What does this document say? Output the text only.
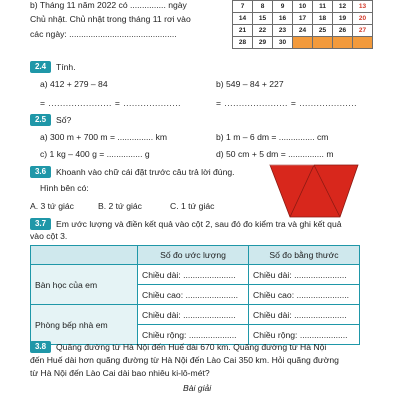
b) Tháng 11 năm 2022 có ............... ngày
Chủ nhật. Chủ nhật trong tháng 11 rơi vào
các ngày: .............................................
7	8	9	10	11	12	13
14	15	16	17	18	19	20
21	22	23	24	25	26	27
28	29	30				
2.4	Tính.
a) 412 + 279 – 84	b) 549 – 84 + 227
= ...................... = ....................	= ...................... = ....................
2.5	Số?
a) 300 m + 700 m = ............... km	b) 1 m – 6 dm = ............... cm
c) 1 kg – 400 g = ............... g	d) 50 cm + 5 dm = ............... m
3.6	Khoanh vào chữ cái đặt trước câu trả lời đúng.
Hình bên có:
A. 3 tứ giác	B. 2 tứ giác	C. 1 tứ giác
3.7	Em ước lượng và điền kết quả vào cột 2, sau đó đo kiểm tra và ghi kết quả
vào cột 3.
	Số đo ước lượng	Số đo bằng thước
Bàn học của em	Chiều dài: ......................	Chiều dài: ......................
	Chiều cao: ......................	Chiều cao: ......................
Phòng bếp nhà em	Chiều dài: ......................	Chiều dài: ......................
	Chiều rộng: ....................	Chiều rộng: ....................
3.8	Quãng đường từ Hà Nội đến Huế dài 670 km. Quãng đường từ Hà Nội
đến Huế dài hơn quãng đường từ Hà Nội đến Lào Cai 350 km. Hỏi quãng đường
từ Hà Nội đến Lào Cai dài bao nhiêu ki-lô-mét?
Bài giải
